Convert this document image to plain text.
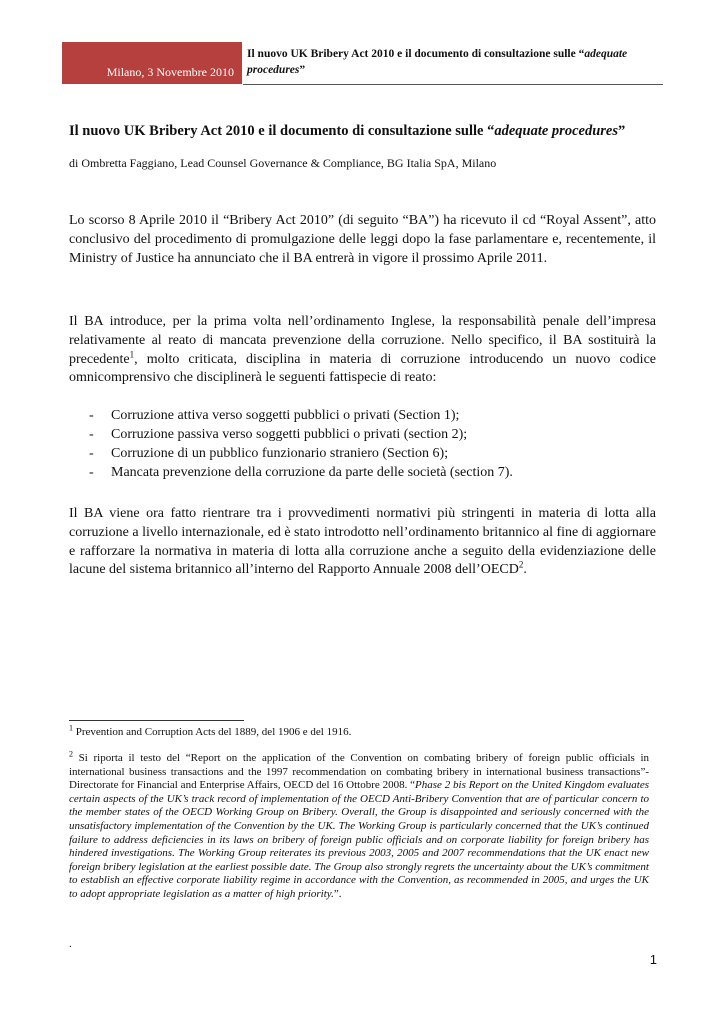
Milano, 3 Novembre 2010
Il nuovo UK Bribery Act 2010 e il documento di consultazione sulle “adequate procedures”
Il nuovo UK Bribery Act 2010 e il documento di consultazione sulle “adequate procedures”
di Ombretta Faggiano, Lead Counsel Governance & Compliance, BG Italia SpA, Milano
Lo scorso 8 Aprile 2010 il “Bribery Act 2010” (di seguito “BA”) ha ricevuto il cd “Royal Assent”, atto conclusivo del procedimento di promulgazione delle leggi dopo la fase parlamentare e, recentemente, il Ministry of Justice ha annunciato che il BA entrerà in vigore il prossimo Aprile 2011.
Il BA introduce, per la prima volta nell’ordinamento Inglese, la responsabilità penale dell’impresa relativamente al reato di mancata prevenzione della corruzione. Nello specifico, il BA sostituirà la precedente$^1$, molto criticata, disciplina in materia di corruzione introducendo un nuovo codice omnicomprensivo che disciplinerà le seguenti fattispecie di reato:
-	Corruzione attiva verso soggetti pubblici o privati (Section 1);
-	Corruzione passiva verso soggetti pubblici o privati (section 2);
-	Corruzione di un pubblico funzionario straniero (Section 6);
-	Mancata prevenzione della corruzione da parte delle società (section 7).
Il BA viene ora fatto rientrare tra i provvedimenti normativi più stringenti in materia di lotta alla corruzione a livello internazionale, ed è stato introdotto nell’ordinamento britannico al fine di aggiornare e rafforzare la normativa in materia di lotta alla corruzione anche a seguito della evidenziazione delle lacune del sistema britannico all’interno del Rapporto Annuale 2008 dell’OECD$^2$.
$^1$ Prevention and Corruption Acts del 1889, del 1906 e del 1916.
$^2$ Si riporta il testo del “Report on the application of the Convention on combating bribery of foreign public officials in international business transactions and the 1997 recommendation on combating bribery in international business transactions”- Directorate for Financial and Enterprise Affairs, OECD del 16 Ottobre 2008. “Phase 2 bis Report on the United Kingdom evaluates certain aspects of the UK’s track record of implementation of the OECD Anti-Bribery Convention that are of particular concern to the member states of the OECD Working Group on Bribery. Overall, the Group is disappointed and seriously concerned with the unsatisfactory implementation of the Convention by the UK. The Working Group is particularly concerned that the UK’s continued failure to address deficiencies in its laws on bribery of foreign public officials and on corporate liability for foreign bribery has hindered investigations. The Working Group reiterates its previous 2003, 2005 and 2007 recommendations that the UK enact new foreign bribery legislation at the earliest possible date. The Group also strongly regrets the uncertainty about the UK’s commitment to establish an effective corporate liability regime in accordance with the Convention, as recommended in 2005, and urges the UK to adopt appropriate legislation as a matter of high priority.”.
.
1
